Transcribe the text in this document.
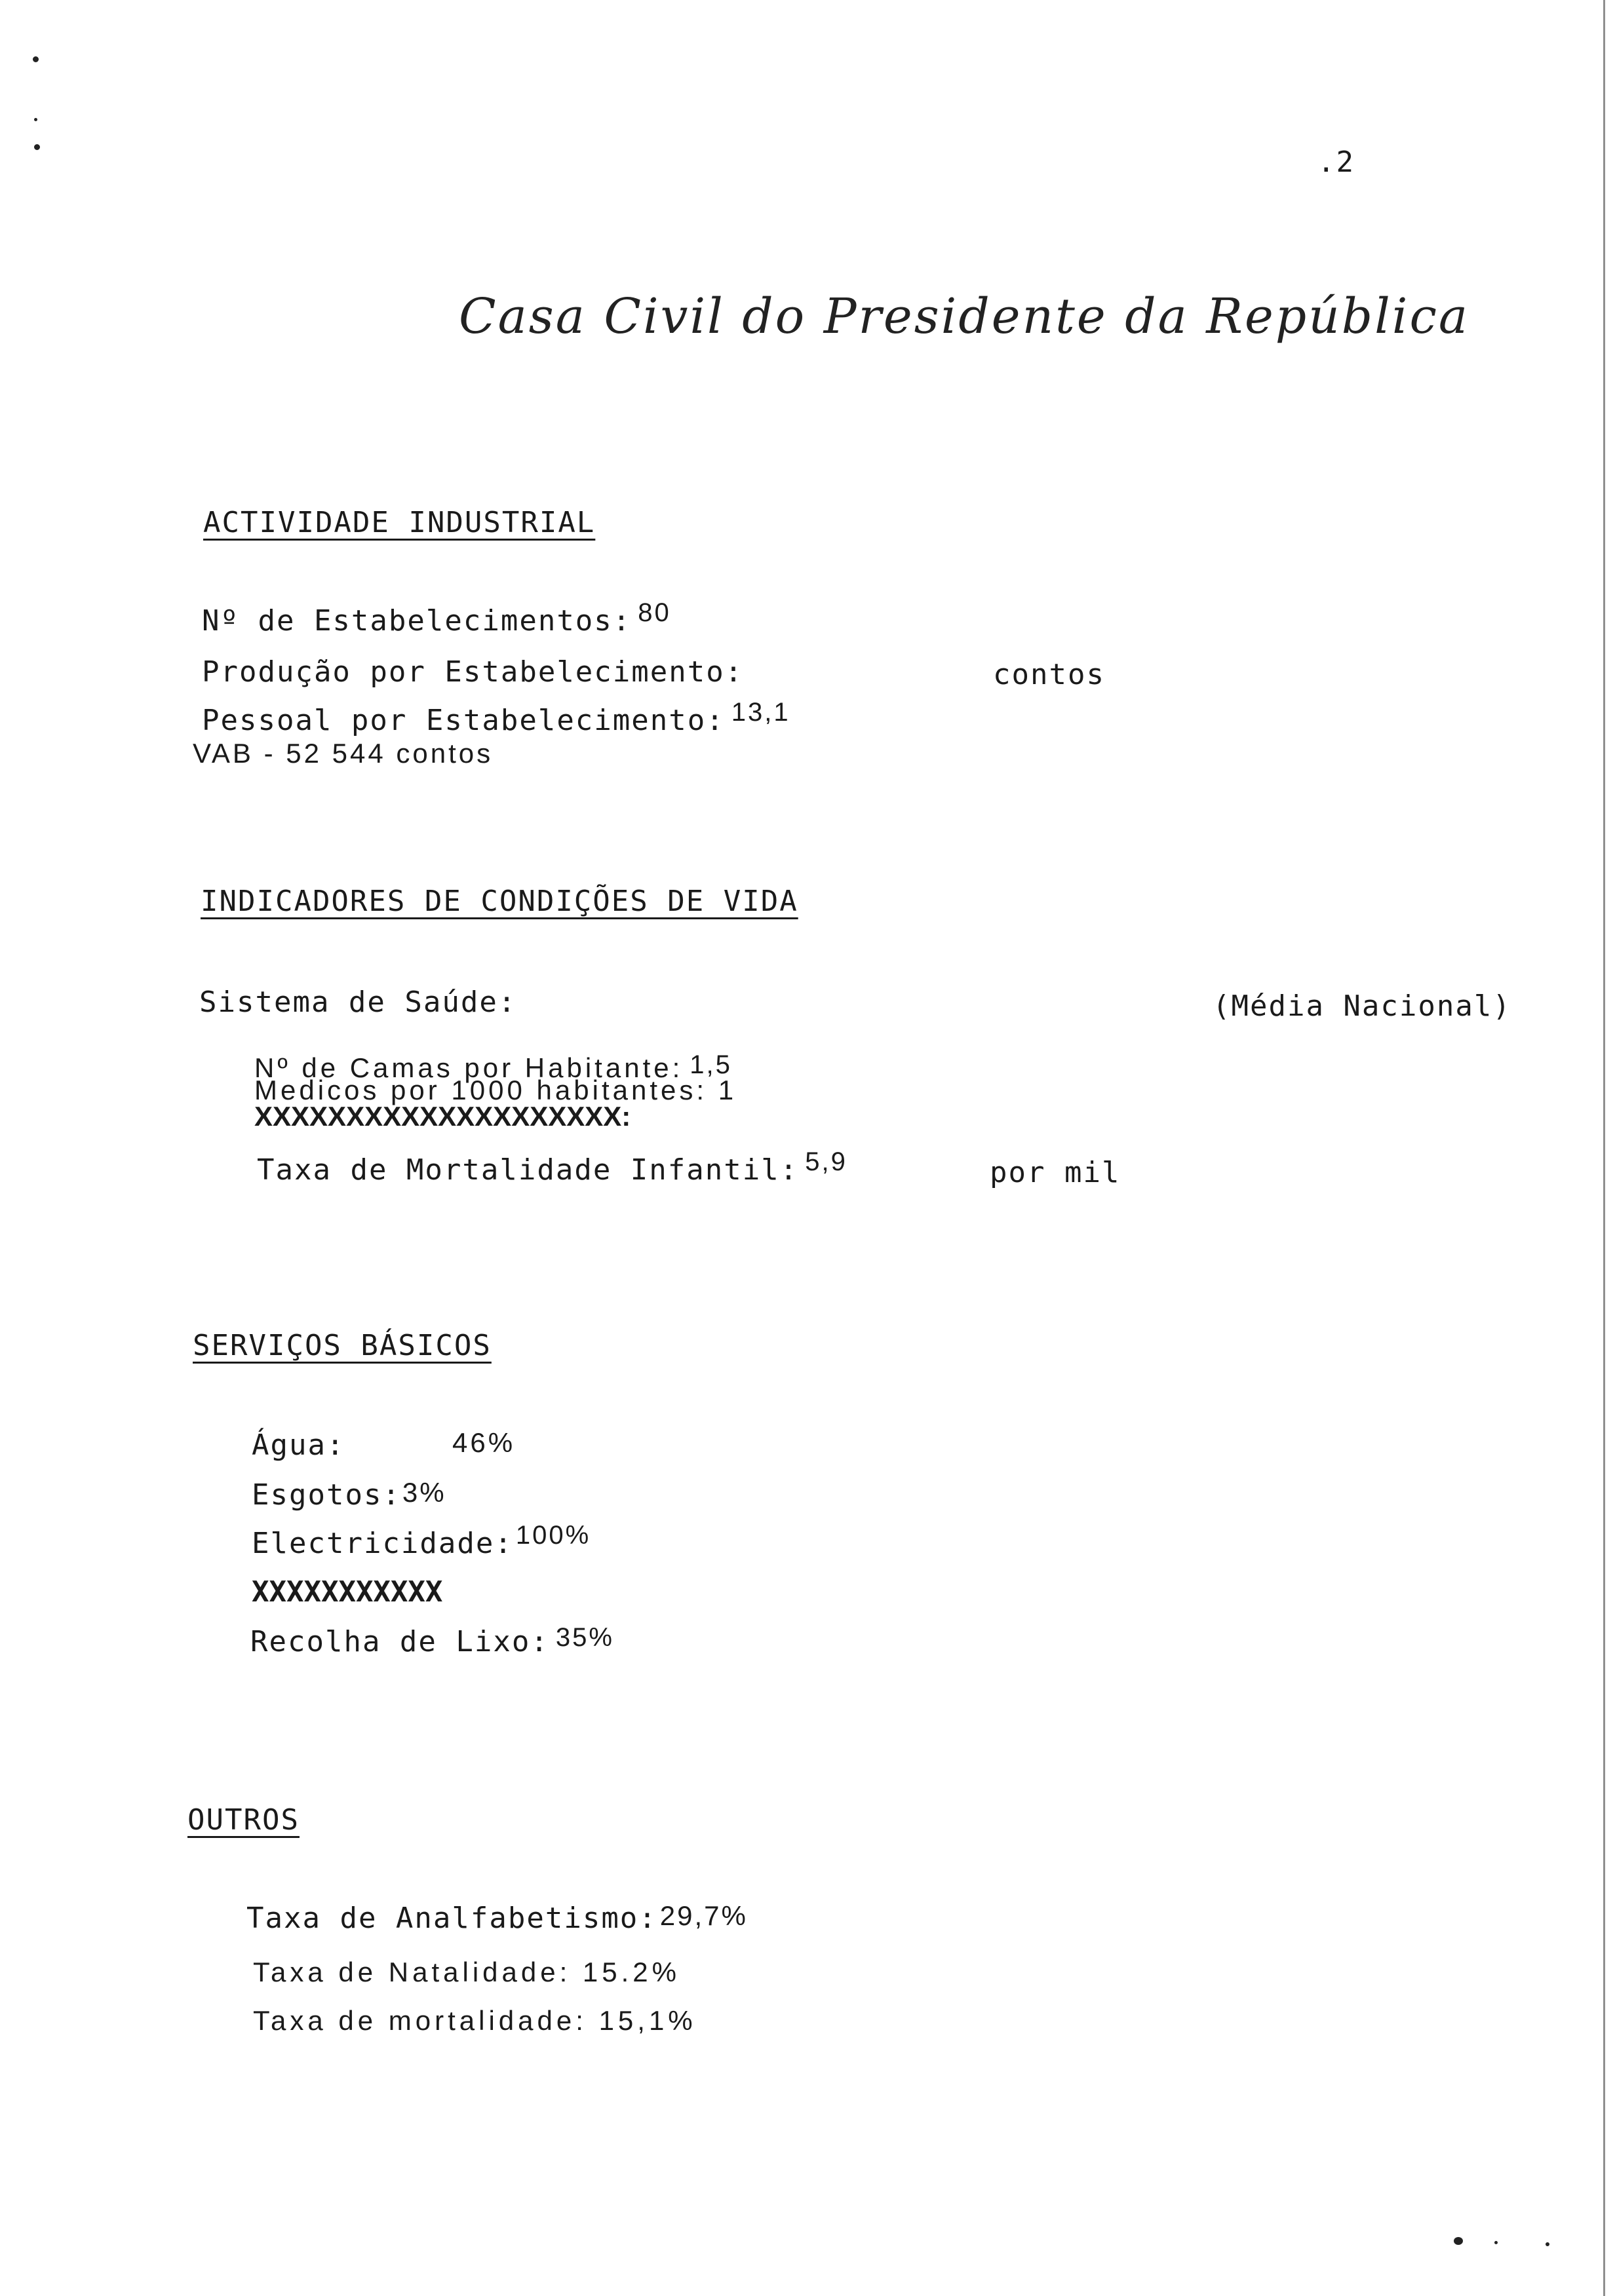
.2
Casa Civil do Presidente da República
ACTIVIDADE INDUSTRIAL
Nº de Estabelecimentos: 80
Produção por Estabelecimento:	contos
Pessoal por Estabelecimento: 13,1
VAB - 52 544 contos
INDICADORES DE CONDIÇÕES DE VIDA
Sistema de Saúde:	(Média Nacional)
Nº de Camas por Habitante: 1,5
Medicos por 1000 habitantes: 1
XXXXXXXXXXXXXXXXXXXX:
Taxa de Mortalidade Infantil: 5,9	por mil
SERVIÇOS BÁSICOS
Água:	46%
Esgotos:3%
Electricidade: 100%
XXXXXXXXXXX
Recolha de Lixo: 35%
OUTROS
Taxa de Analfabetismo:29,7%
Taxa de Natalidade: 15.2%
Taxa de mortalidade: 15,1%
